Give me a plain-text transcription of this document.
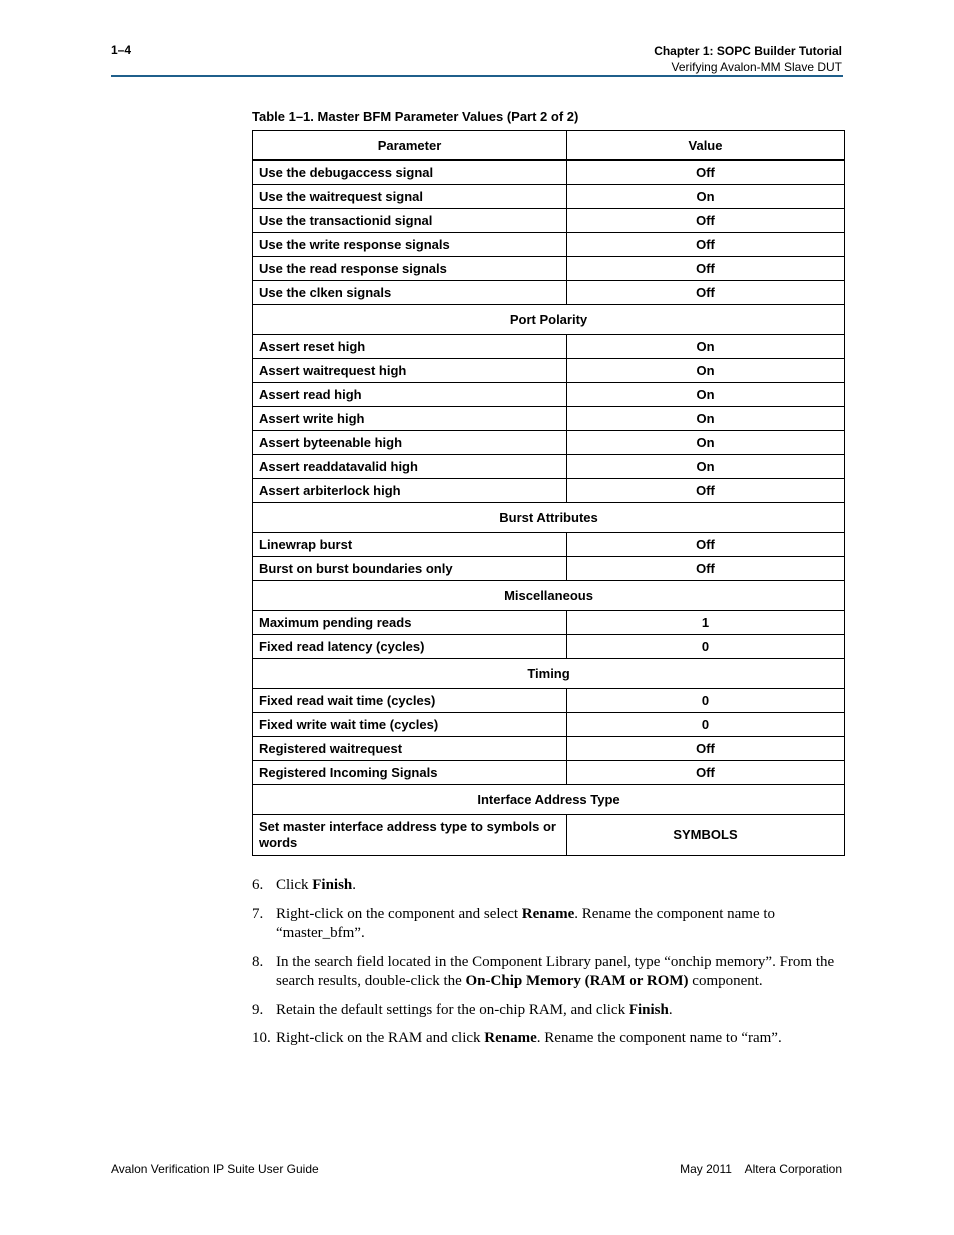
1–4	Chapter 1: SOPC Builder Tutorial
Verifying Avalon-MM Slave DUT
Table 1–1. Master BFM Parameter Values (Part 2 of 2)
Parameter	Value
Use the debugaccess signal	Off
Use the waitrequest signal	On
Use the transactionid signal	Off
Use the write response signals	Off
Use the read response signals	Off
Use the clken signals	Off
Port Polarity	
Assert reset high	On
Assert waitrequest high	On
Assert read high	On
Assert write high	On
Assert byteenable high	On
Assert readdatavalid high	On
Assert arbiterlock high	Off
Burst Attributes	
Linewrap burst	Off
Burst on burst boundaries only	Off
Miscellaneous	
Maximum pending reads	1
Fixed read latency (cycles)	0
Timing	
Fixed read wait time (cycles)	0
Fixed write wait time (cycles)	0
Registered waitrequest	Off
Registered Incoming Signals	Off
Interface Address Type	
Set master interface address type to symbols or words	SYMBOLS
6. Click Finish.
7. Right-click on the component and select Rename. Rename the component name to “master_bfm”.
8. In the search field located in the Component Library panel, type “onchip memory”. From the search results, double-click the On-Chip Memory (RAM or ROM) component.
9. Retain the default settings for the on-chip RAM, and click Finish.
10. Right-click on the RAM and click Rename. Rename the component name to “ram”.
Avalon Verification IP Suite User Guide	May 2011    Altera Corporation
